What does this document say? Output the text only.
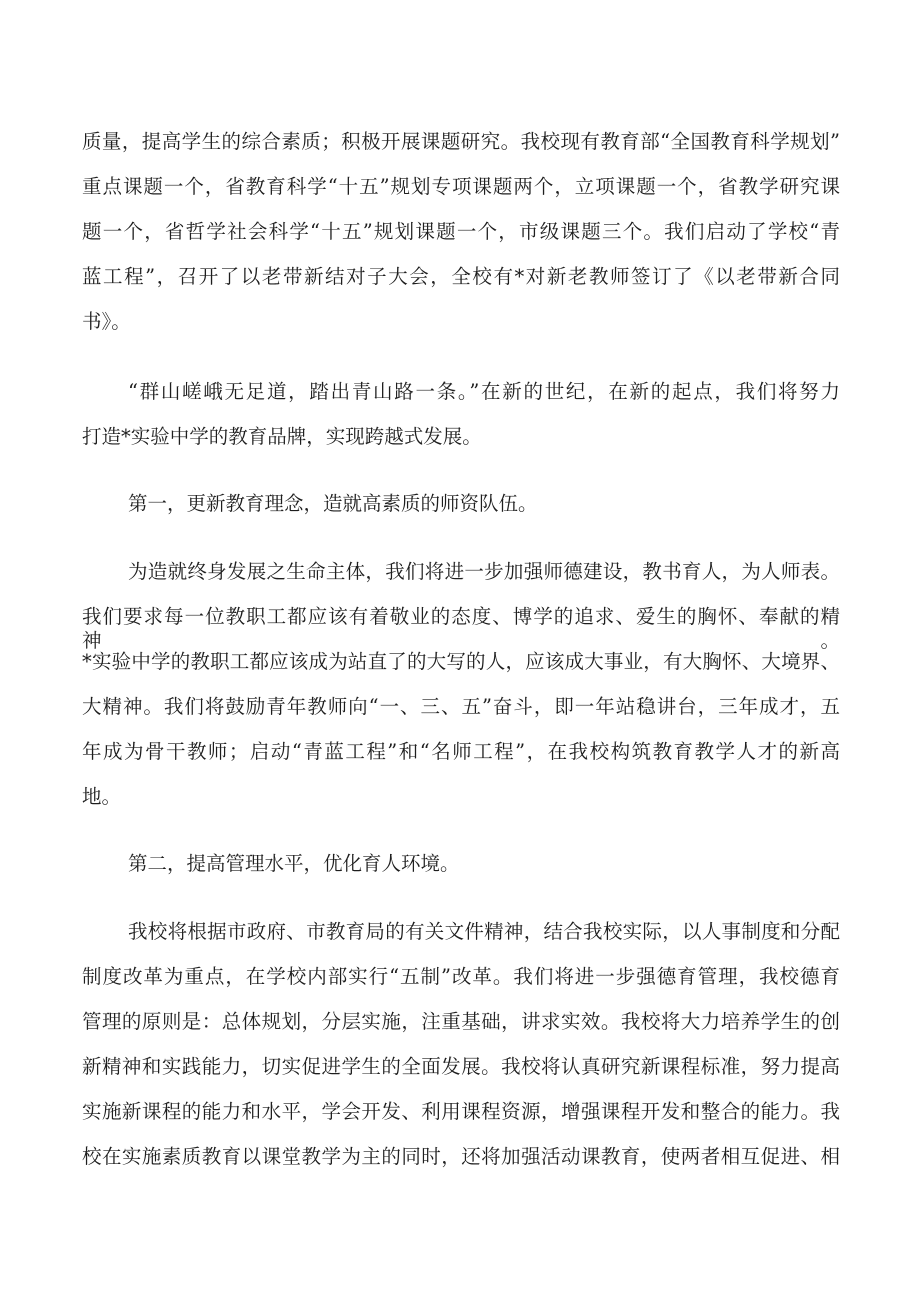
质量，提高学生的综合素质；积极开展课题研究。我校现有教育部“全国教育科学规划”
重点课题一个，省教育科学“十五”规划专项课题两个，立项课题一个，省教学研究课
题一个，省哲学社会科学“十五”规划课题一个，市级课题三个。我们启动了学校“青
蓝工程”，召开了以老带新结对子大会，全校有*对新老教师签订了《以老带新合同
书》。
“群山嵯峨无足道，踏出青山路一条。”在新的世纪，在新的起点，我们将努力
打造*实验中学的教育品牌，实现跨越式发展。
第一，更新教育理念，造就高素质的师资队伍。
为造就终身发展之生命主体，我们将进一步加强师德建设，教书育人，为人师表。
我们要求每一位教职工都应该有着敬业的态度、博学的追求、爱生的胸怀、奉献的精神。
*实验中学的教职工都应该成为站直了的大写的人，应该成大事业，有大胸怀、大境界、
大精神。我们将鼓励青年教师向“一、三、五”奋斗，即一年站稳讲台，三年成才，五
年成为骨干教师；启动“青蓝工程”和“名师工程”，在我校构筑教育教学人才的新高
地。
第二，提高管理水平，优化育人环境。
我校将根据市政府、市教育局的有关文件精神，结合我校实际，以人事制度和分配
制度改革为重点，在学校内部实行“五制”改革。我们将进一步强德育管理，我校德育
管理的原则是：总体规划，分层实施，注重基础，讲求实效。我校将大力培养学生的创
新精神和实践能力，切实促进学生的全面发展。我校将认真研究新课程标准，努力提高
实施新课程的能力和水平，学会开发、利用课程资源，增强课程开发和整合的能力。我
校在实施素质教育以课堂教学为主的同时，还将加强活动课教育，使两者相互促进、相
